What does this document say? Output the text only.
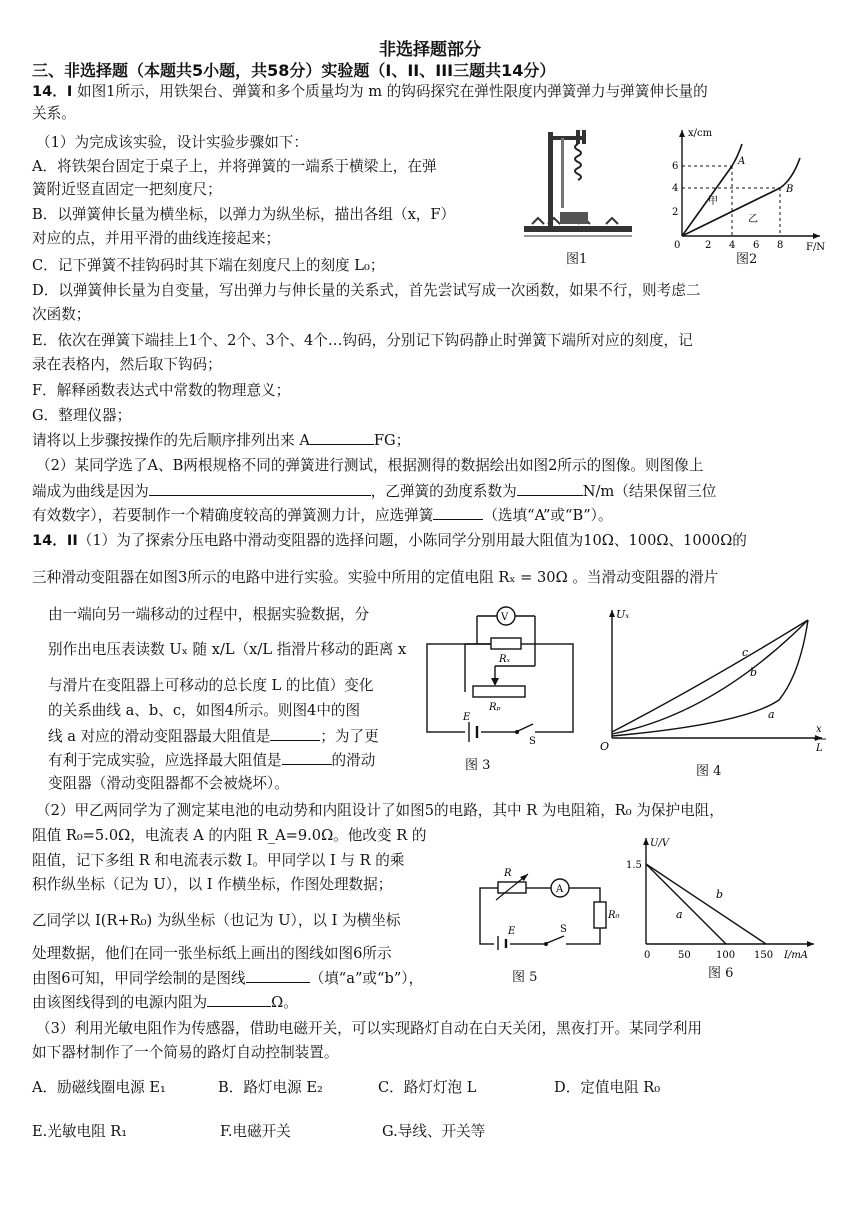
非选择题部分
三、非选择题（本题共5小题，共58分）实验题（I、II、III三题共14分）
14．I 如图1所示，用铁架台、弹簧和多个质量均为 m 的钩码探究在弹性限度内弹簧弹力与弹簧伸长量的
关系。
（1）为完成该实验，设计实验步骤如下：
A．将铁架台固定于桌子上，并将弹簧的一端系于横梁上，在弹
簧附近竖直固定一把刻度尺；
B．以弹簧伸长量为横坐标，以弹力为纵坐标，描出各组（x，F）
对应的点，并用平滑的曲线连接起来；
C．记下弹簧不挂钩码时其下端在刻度尺上的刻度 L₀；
D．以弹簧伸长量为自变量，写出弹力与伸长量的关系式，首先尝试写成一次函数，如果不行，则考虑二
次函数；
E．依次在弹簧下端挂上1个、2个、3个、4个…钩码，分别记下钩码静止时弹簧下端所对应的刻度，记
录在表格内，然后取下钩码；
F．解释函数表达式中常数的物理意义；
G．整理仪器；
请将以上步骤按操作的先后顺序排列出来 A	FG；
（2）某同学选了A、B两根规格不同的弹簧进行测试，根据测得的数据绘出如图2所示的图像。则图像上
端成为曲线是因为	，乙弹簧的劲度系数为	N/m（结果保留三位
有效数字），若要制作一个精确度较高的弹簧测力计，应选弹簧	（选填“A”或“B”）。
图1
x/cm
F/N
0 2 4 6 8
2
4
6	A
B
甲
乙
图2
14．II（1）为了探索分压电路中滑动变阻器的选择问题，小陈同学分别用最大阻值为10Ω、100Ω、1000Ω的
三种滑动变阻器在如图3所示的电路中进行实验。实验中所用的定值电阻 Rₓ = 30Ω 。当滑动变阻器的滑片
由一端向另一端移动的过程中，根据实验数据，分
别作出电压表读数 Uₓ 随 x/L（x/L 指滑片移动的距离 x
与滑片在变阻器上可移动的总长度 L 的比值）变化
的关系曲线 a、b、c，如图4所示。则图4中的图
线 a 对应的滑动变阻器最大阻值是	；为了更
有利于完成实验，应选择最大阻值是	的滑动
变阻器（滑动变阻器都不会被烧坏）。
V
Rₓ
Rₚ
E
S
图 3
Uₓ
O
x
L
a
b
c
图 4
（2）甲乙两同学为了测定某电池的电动势和内阻设计了如图5的电路，其中 R 为电阻箱，R₀ 为保护电阻，
阻值 R₀=5.0Ω，电流表 A 的内阻 R_A=9.0Ω。他改变 R 的
阻值，记下多组 R 和电流表示数 I。甲同学以 I 与 R 的乘
积作纵坐标（记为 U），以 I 作横坐标，作图处理数据；
乙同学以 I(R+R₀) 为纵坐标（也记为 U），以 I 为横坐标
处理数据，他们在同一张坐标纸上画出的图线如图6所示
由图6可知，甲同学绘制的是图线	（填“a”或“b”），
由该图线得到的电源内阻为	Ω。
R
A
R₀
E	S
图 5
U/V
1.5
0	50	100 150 I/mA
a
b
图 6
（3）利用光敏电阻作为传感器，借助电磁开关，可以实现路灯自动在白天关闭，黑夜打开。某同学利用
如下器材制作了一个简易的路灯自动控制装置。
A．励磁线圈电源 E₁	B．路灯电源 E₂	C．路灯灯泡 L	D．定值电阻 R₀
E.光敏电阻 R₁	F.电磁开关	G.导线、开关等
